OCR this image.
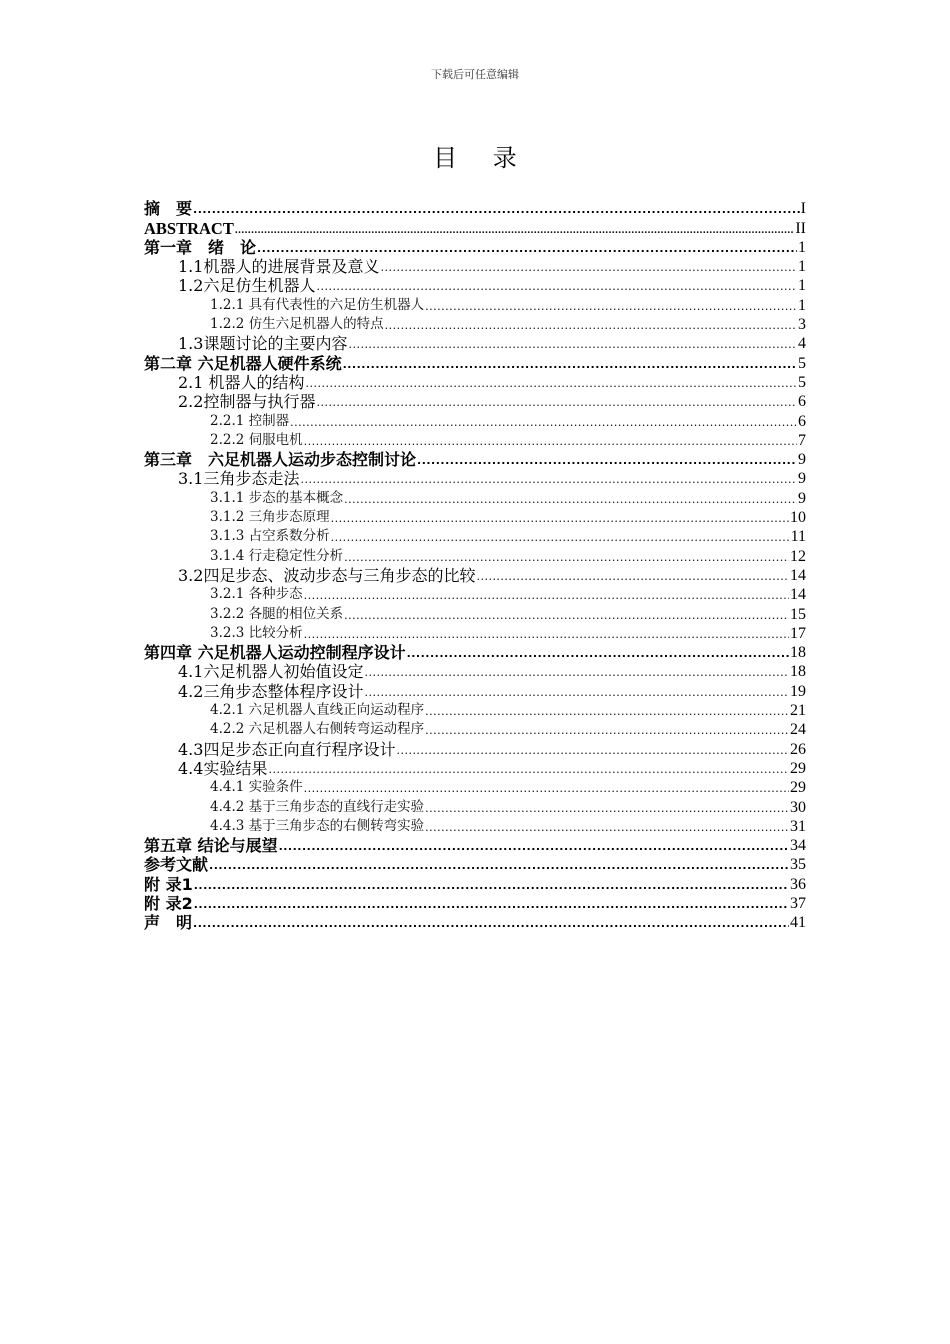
下载后可任意编辑
目 录
摘　要 .....	I
ABSTRACT .....	II
第一章　绪　论 .....	1
1.1机器人的进展背景及意义 .....	1
1.2六足仿生机器人 .....	1
1.2.1 具有代表性的六足仿生机器人 .....	1
1.2.2 仿生六足机器人的特点 .....	3
1.3课题讨论的主要内容 .....	4
第二章 六足机器人硬件系统 .....	5
2.1 机器人的结构 .....	5
2.2控制器与执行器 .....	6
2.2.1 控制器 .....	6
2.2.2 伺服电机 .....	7
第三章　六足机器人运动步态控制讨论 .....	9
3.1三角步态走法 .....	9
3.1.1 步态的基本概念 .....	9
3.1.2 三角步态原理 .....	10
3.1.3 占空系数分析 .....	11
3.1.4 行走稳定性分析 .....	12
3.2四足步态、波动步态与三角步态的比较 .....	14
3.2.1 各种步态 .....	14
3.2.2 各腿的相位关系 .....	15
3.2.3 比较分析 .....	17
第四章 六足机器人运动控制程序设计 .....	18
4.1六足机器人初始值设定 .....	18
4.2三角步态整体程序设计 .....	19
4.2.1 六足机器人直线正向运动程序 .....	21
4.2.2 六足机器人右侧转弯运动程序 .....	24
4.3四足步态正向直行程序设计 .....	26
4.4实验结果 .....	29
4.4.1 实验条件 .....	29
4.4.2 基于三角步态的直线行走实验 .....	30
4.4.3 基于三角步态的右侧转弯实验 .....	31
第五章 结论与展望 .....	34
参考文献 .....	35
附 录1 .....	36
附 录2 .....	37
声　明 .....	41
